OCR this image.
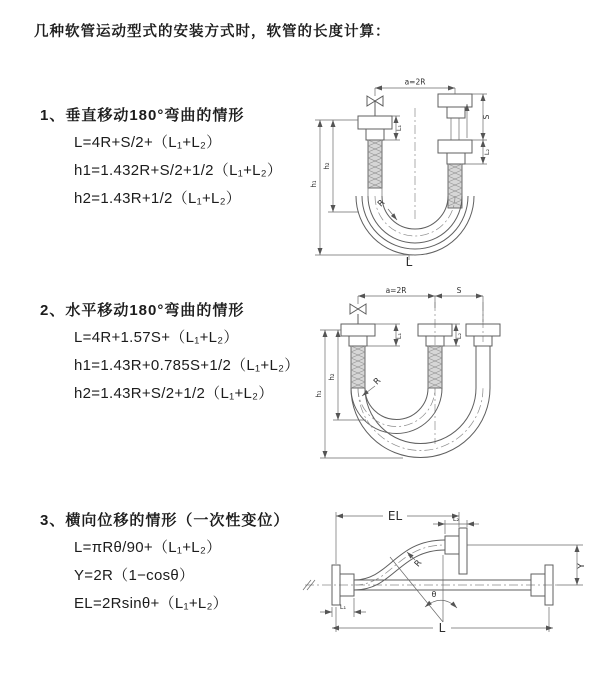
几种软管运动型式的安装方式时，软管的长度计算：
1、垂直移动180°弯曲的情形
L=4R+S/2+（L₁+L₂）
h1=1.432R+S/2+1/2（L₁+L₂）
h2=1.43R+1/2（L₁+L₂）
2、水平移动180°弯曲的情形
L=4R+1.57S+（L₁+L₂）
h1=1.43R+0.785S+1/2（L₁+L₂）
h2=1.43R+S/2+1/2（L₁+L₂）
3、横向位移的情形（一次性变位）
L=πRθ/90+（L₁+L₂）
Y=2R（1−cosθ）
EL=2Rsinθ+（L₁+L₂）
a=2R
L₁
S
L₂
h₁
h₂
R
L
a=2R	S
L₁	L₂
h₁
h₂	R
EL	L₂
θ
R	Y
L₁
L
